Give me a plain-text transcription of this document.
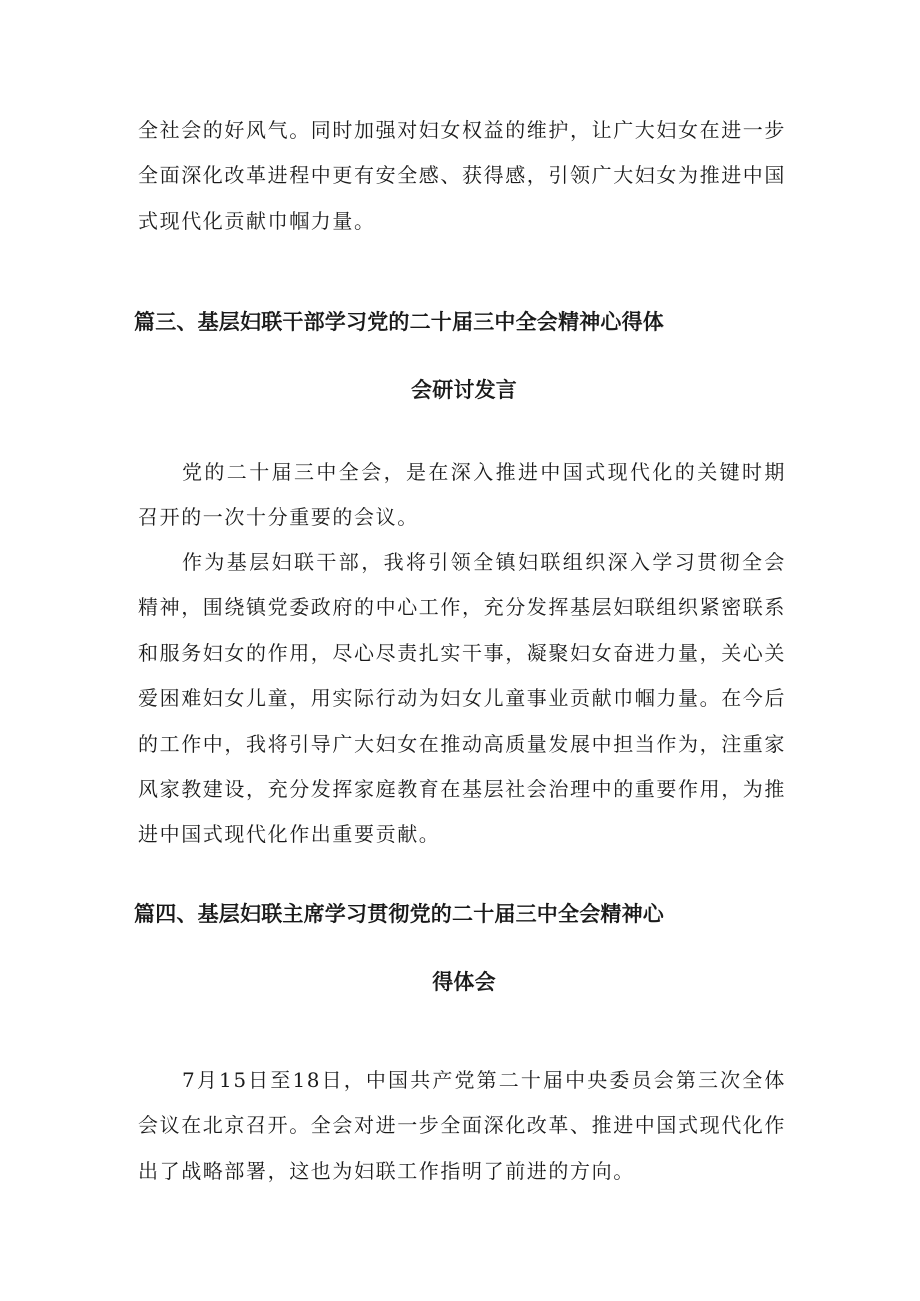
全社会的好风气。同时加强对妇女权益的维护，让广大妇女在进一步全面深化改革进程中更有安全感、获得感，引领广大妇女为推进中国式现代化贡献巾帼力量。

篇三、基层妇联干部学习党的二十届三中全会精神心得体
会研讨发言

党的二十届三中全会，是在深入推进中国式现代化的关键时期召开的一次十分重要的会议。

作为基层妇联干部，我将引领全镇妇联组织深入学习贯彻全会精神，围绕镇党委政府的中心工作，充分发挥基层妇联组织紧密联系和服务妇女的作用，尽心尽责扎实干事，凝聚妇女奋进力量，关心关爱困难妇女儿童，用实际行动为妇女儿童事业贡献巾帼力量。在今后的工作中，我将引导广大妇女在推动高质量发展中担当作为，注重家风家教建设，充分发挥家庭教育在基层社会治理中的重要作用，为推进中国式现代化作出重要贡献。

篇四、基层妇联主席学习贯彻党的二十届三中全会精神心
得体会

7月15日至18日，中国共产党第二十届中央委员会第三次全体会议在北京召开。全会对进一步全面深化改革、推进中国式现代化作出了战略部署，这也为妇联工作指明了前进的方向。
